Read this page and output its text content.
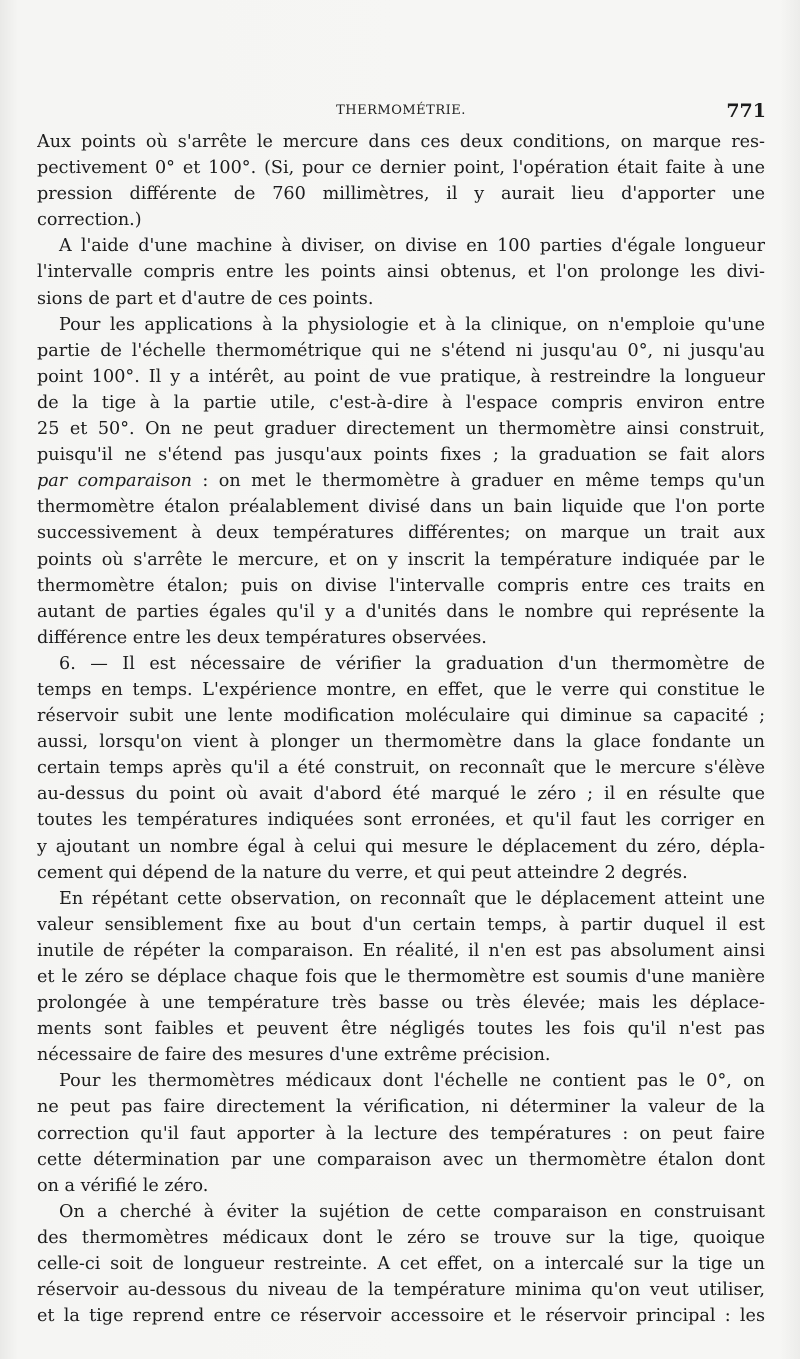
THERMOMÉTRIE.	771
Aux points où s'arrête le mercure dans ces deux conditions, on marque res-
pectivement 0° et 100°. (Si, pour ce dernier point, l'opération était faite à une
pression différente de 760 millimètres, il y aurait lieu d'apporter une
correction.)
A l'aide d'une machine à diviser, on divise en 100 parties d'égale longueur
l'intervalle compris entre les points ainsi obtenus, et l'on prolonge les divi-
sions de part et d'autre de ces points.
Pour les applications à la physiologie et à la clinique, on n'emploie qu'une
partie de l'échelle thermométrique qui ne s'étend ni jusqu'au 0°, ni jusqu'au
point 100°. Il y a intérêt, au point de vue pratique, à restreindre la longueur
de la tige à la partie utile, c'est-à-dire à l'espace compris environ entre
25 et 50°. On ne peut graduer directement un thermomètre ainsi construit,
puisqu'il ne s'étend pas jusqu'aux points fixes ; la graduation se fait alors
par comparaison : on met le thermomètre à graduer en même temps qu'un
thermomètre étalon préalablement divisé dans un bain liquide que l'on porte
successivement à deux températures différentes; on marque un trait aux
points où s'arrête le mercure, et on y inscrit la température indiquée par le
thermomètre étalon; puis on divise l'intervalle compris entre ces traits en
autant de parties égales qu'il y a d'unités dans le nombre qui représente la
différence entre les deux températures observées.
6. — Il est nécessaire de vérifier la graduation d'un thermomètre de
temps en temps. L'expérience montre, en effet, que le verre qui constitue le
réservoir subit une lente modification moléculaire qui diminue sa capacité ;
aussi, lorsqu'on vient à plonger un thermomètre dans la glace fondante un
certain temps après qu'il a été construit, on reconnaît que le mercure s'élève
au-dessus du point où avait d'abord été marqué le zéro ; il en résulte que
toutes les températures indiquées sont erronées, et qu'il faut les corriger en
y ajoutant un nombre égal à celui qui mesure le déplacement du zéro, dépla-
cement qui dépend de la nature du verre, et qui peut atteindre 2 degrés.
En répétant cette observation, on reconnaît que le déplacement atteint une
valeur sensiblement fixe au bout d'un certain temps, à partir duquel il est
inutile de répéter la comparaison. En réalité, il n'en est pas absolument ainsi
et le zéro se déplace chaque fois que le thermomètre est soumis d'une manière
prolongée à une température très basse ou très élevée; mais les déplace-
ments sont faibles et peuvent être négligés toutes les fois qu'il n'est pas
nécessaire de faire des mesures d'une extrême précision.
Pour les thermomètres médicaux dont l'échelle ne contient pas le 0°, on
ne peut pas faire directement la vérification, ni déterminer la valeur de la
correction qu'il faut apporter à la lecture des températures : on peut faire
cette détermination par une comparaison avec un thermomètre étalon dont
on a vérifié le zéro.
On a cherché à éviter la sujétion de cette comparaison en construisant
des thermomètres médicaux dont le zéro se trouve sur la tige, quoique
celle-ci soit de longueur restreinte. A cet effet, on a intercalé sur la tige un
réservoir au-dessous du niveau de la température minima qu'on veut utiliser,
et la tige reprend entre ce réservoir accessoire et le réservoir principal : les
